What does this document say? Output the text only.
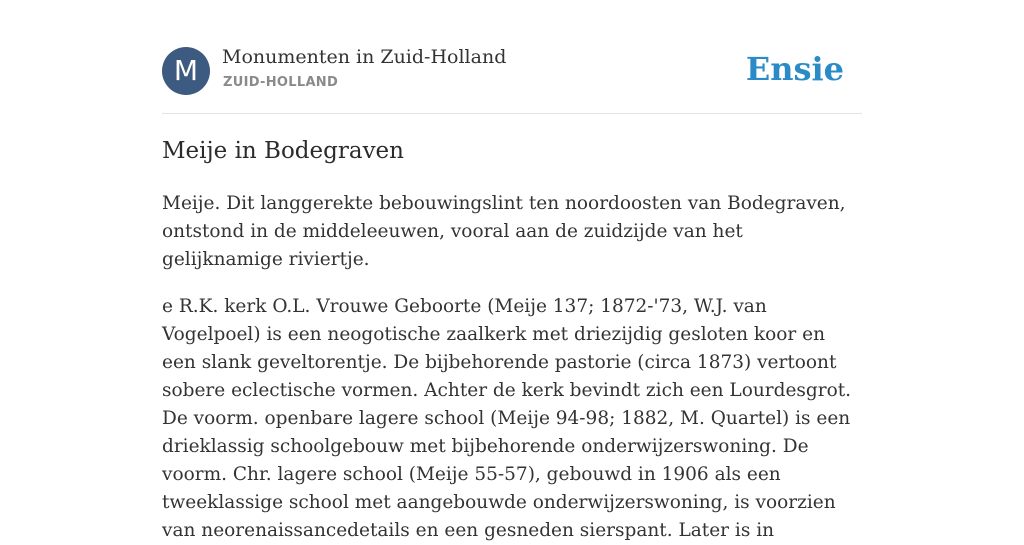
M	Monumenten in Zuid-Holland
ZUID-HOLLAND	Ensie
Meije in Bodegraven

Meije. Dit langgerekte bebouwingslint ten noordoosten van Bodegraven, ontstond in de middeleeuwen, vooral aan de zuidzijde van het gelijknamige riviertje.

e R.K. kerk O.L. Vrouwe Geboorte (Meije 137; 1872-'73, W.J. van Vogelpoel) is een neogotische zaalkerk met driezijdig gesloten koor en een slank geveltorentje. De bijbehorende pastorie (circa 1873) vertoont sobere eclectische vormen. Achter de kerk bevindt zich een Lourdesgrot. De voorm. openbare lagere school (Meije 94-98; 1882, M. Quartel) is een drieklassig schoolgebouw met bijbehorende onderwijzerswoning. De voorm. Chr. lagere school (Meije 55-57), gebouwd in 1906 als een tweeklassige school met aangebouwde onderwijzerswoning, is voorzien van neorenaissancedetails en een gesneden sierspant. Later is in
